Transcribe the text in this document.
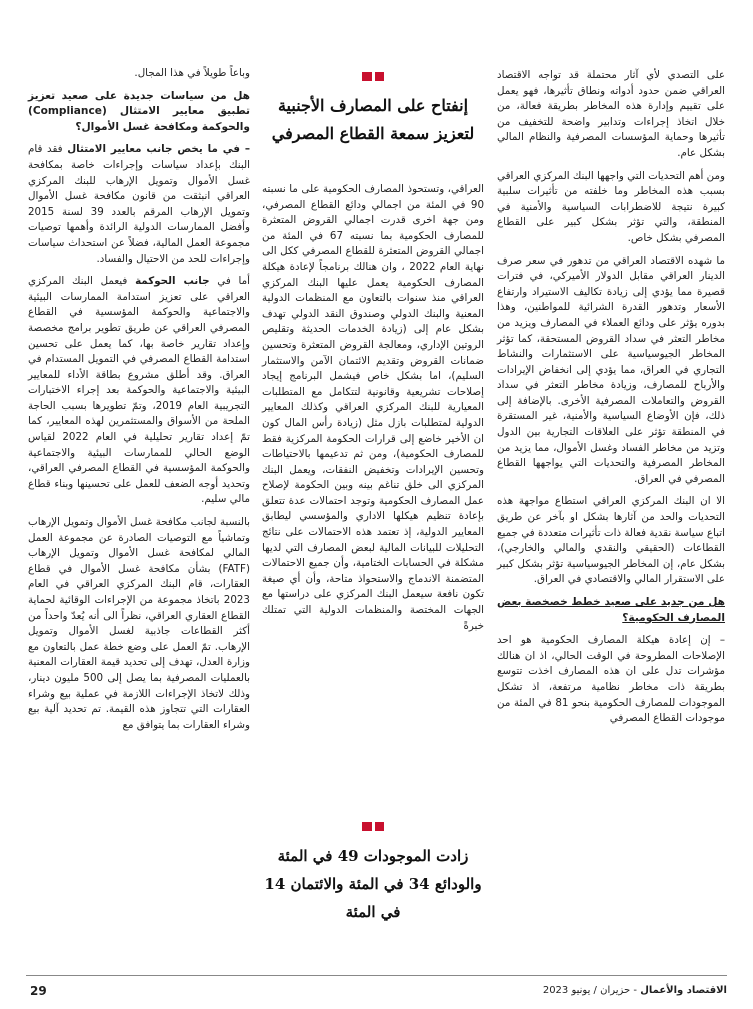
على التصدي لأي آثار محتملة قد تواجه الاقتصاد العراقي ضمن حدود أدواته ونطاق تأثيرها، فهو يعمل على تقييم وإدارة هذه المخاطر بطريقة فعالة، من خلال اتخاذ إجراءات وتدابير واضحة للتخفيف من تأثيرها وحماية المؤسسات المصرفية والنظام المالي بشكل عام.

ومن أهم التحديات التي واجهها البنك المركزي العراقي بسبب هذه المخاطر وما خلفته من تأثيرات سلبية كبيرة نتيجة للاضطرابات السياسية والأمنية في المنطقة، والتي تؤثر بشكل كبير على القطاع المصرفي بشكل خاص.

ما شهده الاقتصاد العراقي من تدهور في سعر صرف الدينار العراقي مقابل الدولار الأميركي، في فترات قصيرة مما يؤدي إلى زيادة تكاليف الاستيراد وارتفاع الأسعار وتدهور القدرة الشرائية للمواطنين، وهذا بدوره يؤثر على ودائع العملاء في المصارف ويزيد من مخاطر التعثر في سداد القروض المستحقة، كما تؤثر المخاطر الجيوسياسية على الاستثمارات والنشاط التجاري في العراق، مما يؤدي إلى انخفاض الإيرادات والأرباح للمصارف، وزيادة مخاطر التعثر في سداد القروض والتعاملات المصرفية الأخرى. بالإضافة إلى ذلك، فإن الأوضاع السياسية والأمنية، غير المستقرة في المنطقة تؤثر على العلاقات التجارية بين الدول وتزيد من مخاطر الفساد وغسل الأموال، مما يزيد من المخاطر المصرفية والتحديات التي يواجهها القطاع المصرفي في العراق.

الا ان البنك المركزي العراقي استطاع مواجهة هذه التحديات والحد من آثارها بشكل او بآخر عن طريق اتباع سياسة نقدية فعالة ذات تأثيرات متعددة في جميع القطاعات (الحقيقي والنقدي والمالي والخارجي)، بشكل عام، إن المخاطر الجيوسياسية تؤثر بشكل كبير على الاستقرار المالي والاقتصادي في العراق.

هل من جديد على صعيد خطط خصخصة بعض المصارف الحكومية؟

– إن إعادة هيكلة المصارف الحكومية هو احد الإصلاحات المطروحة في الوقت الحالي، اذ ان هنالك مؤشرات تدل على ان هذه المصارف اخذت تتوسع بطريقة ذات مخاطر نظامية مرتفعة، اذ تشكل الموجودات للمصارف الحكومية بنحو 81 في المئة من موجودات القطاع المصرفي

إنفتاح على المصارف الأجنبية لتعزيز سمعة القطاع المصرفي

العراقي، وتستحوذ المصارف الحكومية على ما نسبته 90 في المئة من اجمالي ودائع القطاع المصرفي، ومن جهة اخرى قدرت اجمالي القروض المتعثرة للمصارف الحكومية بما نسبته 67 في المئة من اجمالي القروض المتعثرة للقطاع المصرفي ككل الى نهاية العام 2022 ، وان هنالك برنامجاً لإعادة هيكلة المصارف الحكومية يعمل عليها البنك المركزي العراقي منذ سنوات بالتعاون مع المنظمات الدولية المعنية والبنك الدولي وصندوق النقد الدولي تهدف بشكل عام إلى (زيادة الخدمات الحديثة وتقليص الروتين الإداري، ومعالجة القروض المتعثرة وتحسين ضمانات القروض وتقديم الائتمان الآمن والاستثمار السليم)، اما بشكل خاص فيشمل البرنامج إيجاد إصلاحات تشريعية وقانونية لتتكامل مع المتطلبات المعيارية للبنك المركزي العراقي وكذلك المعايير الدولية لمتطلبات بازل مثل (زيادة رأس المال كون ان الأخير خاضع إلى قرارات الحكومة المركزية فقط للمصارف الحكومية)، ومن ثم تدعيمها بالاحتياطات وتحسين الإيرادات وتخفيض النفقات، ويعمل البنك المركزي الى خلق تناغم بينه وبين الحكومة لإصلاح عمل المصارف الحكومية وتوجد احتمالات عدة تتعلق بإعادة تنظيم هيكلها الاداري والمؤسسي ليطابق المعايير الدولية، إذ تعتمد هذه الاحتمالات على نتائج التحليلات للبيانات المالية لبعض المصارف التي لديها مشكلة في الحسابات الختامية، وأن جميع الاحتمالات المتضمنة الاندماج والاستحواذ متاحة، وأن أي صيغة تكون نافعة سيعمل البنك المركزي على دراستها مع الجهات المختصة والمنظمات الدولية التي تمتلك خبرةً

زادت الموجودات 49 في المئة والودائع 34 في المئة والائتمان 14 في المئة

وباعاً طويلاً في هذا المجال.

هل من سياسات جديدة على صعيد تعزيز تطبيق معايير الامتثال (Compliance) والحوكمة ومكافحة غسل الأموال؟

– في ما يخص جانب معايير الامتثال فقد قام البنك بإعداد سياسات وإجراءات خاصة بمكافحة غسل الأموال وتمويل الإرهاب للبنك المركزي العراقي انبثقت من قانون مكافحة غسل الأموال وتمويل الإرهاب المرقم بالعدد 39 لسنة 2015 وأفضل الممارسات الدولية الرائدة وأهمها توصيات مجموعة العمل المالية، فضلاً عن استحداث سياسات وإجراءات للحد من الاحتيال والفساد.

أما في جانب الحوكمة فيعمل البنك المركزي العراقي على تعزيز استدامة الممارسات البيئية والاجتماعية والحوكمة المؤسسية في القطاع المصرفي العراقي عن طريق تطوير برامج مخصصة وإعداد تقارير خاصة بها، كما يعمل على تحسين استدامة القطاع المصرفي في التمويل المستدام في العراق. وقد أطلق مشروع بطاقة الأداء للمعايير البيئية والاجتماعية والحوكمة بعد إجراء الاختبارات التجريبية العام 2019، وتمّ تطويرها بسبب الحاجة الملحة من الأسواق والمستثمرين لهذه المعايير، كما تمّ إعداد تقارير تحليلية في العام 2022 لقياس الوضع الحالي للممارسات البيئية والاجتماعية والحوكمة المؤسسية في القطاع المصرفي العراقي، وتحديد أوجه الضعف للعمل على تحسينها وبناء قطاع مالي سليم.

بالنسبة لجانب مكافحة غسل الأموال وتمويل الإرهاب وتماشياً مع التوصيات الصادرة عن مجموعة العمل المالي لمكافحة غسل الأموال وتمويل الإرهاب (FATF) بشأن مكافحة غسل الأموال في قطاع العقارات، قام البنك المركزي العراقي في العام 2023 باتخاذ مجموعة من الإجراءات الوقائية لحماية القطاع العقاري العراقي، نظراً الى أنه يُعدّ واحداً من أكثر القطاعات جاذبية لغسل الأموال وتمويل الإرهاب. تمّ العمل على وضع خطة عمل بالتعاون مع وزارة العدل، تهدف إلى تحديد قيمة العقارات المعنية بالعمليات المصرفية بما يصل إلى 500 مليون دينار، وذلك لاتخاذ الإجراءات اللازمة في عملية بيع وشراء العقارات التي تتجاوز هذه القيمة. تم تحديد آلية بيع وشراء العقارات بما يتوافق مع

الاقتصاد والأعمال - حزيران / يونيو 2023
29
